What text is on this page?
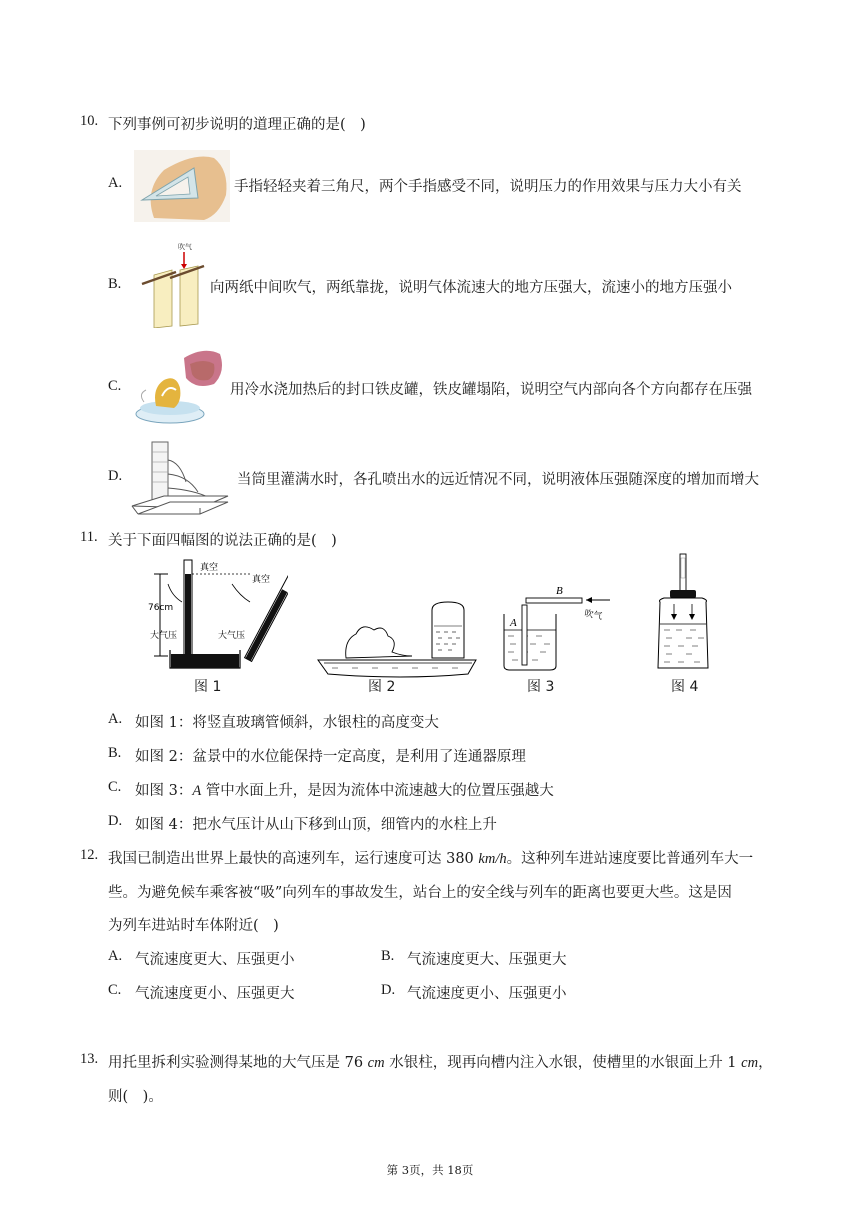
10. 下列事例可初步说明的道理正确的是(　)
A.	手指轻轻夹着三角尺，两个手指感受不同，说明压力的作用效果与压力大小有关
B.
吹气
向两纸中间吹气，两纸靠拢，说明气体流速大的地方压强大，流速小的地方压强小
C.	用冷水浇加热后的封口铁皮罐，铁皮罐塌陷，说明空气内部向各个方向都存在压强
D.	当筒里灌满水时，各孔喷出水的远近情况不同，说明液体压强随深度的增加而增大
11. 关于下面四幅图的说法正确的是(　)
76cm
真空
真空
大气压	大气压
图 1	图 2
B
吹气
A
图 3	图 4
A. 如图 1：将竖直玻璃管倾斜，水银柱的高度变大
B. 如图 2：盆景中的水位能保持一定高度，是利用了连通器原理
C. 如图 3：A 管中水面上升，是因为流体中流速越大的位置压强越大
D. 如图 4：把水气压计从山下移到山顶，细管内的水柱上升
12. 我国已制造出世界上最快的高速列车，运行速度可达 380 km/h。这种列车进站速度要比普通列车大一
些。为避免候车乘客被“吸”向列车的事故发生，站台上的安全线与列车的距离也要更大些。这是因
为列车进站时车体附近(　)
A. 气流速度更大、压强更小	B. 气流速度更大、压强更大
C. 气流速度更小、压强更大	D. 气流速度更小、压强更小
13. 用托里拆利实验测得某地的大气压是 76 cm 水银柱，现再向槽内注入水银，使槽里的水银面上升 1 cm，
则(　)。
第 3页，共 18页
